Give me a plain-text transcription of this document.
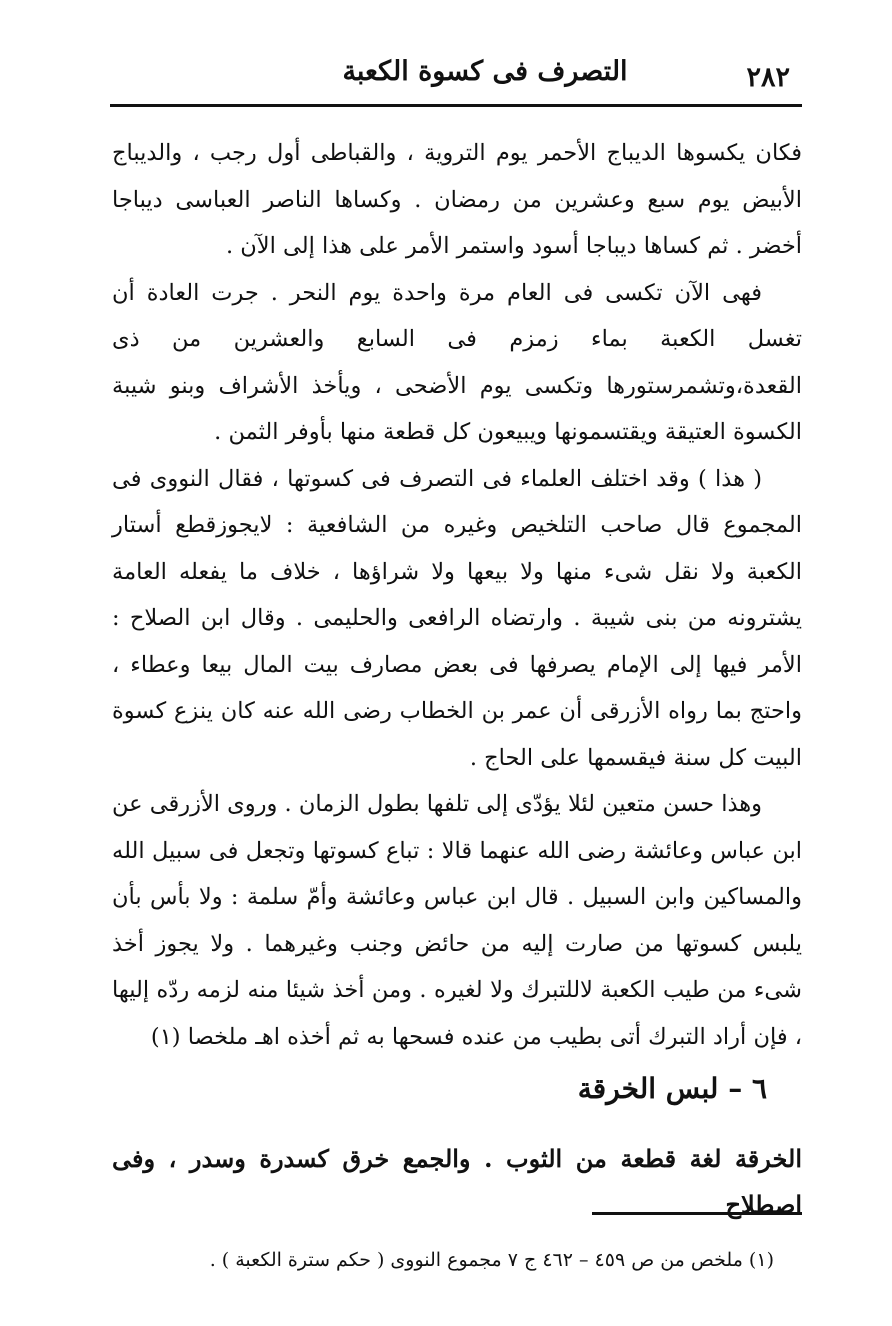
٢٨٢
التصرف فى كسوة الكعبة

فكان يكسوها الديباج الأحمر يوم التروية ، والقباطى أول رجب ، والديباج الأبيض يوم سبع وعشرين من رمضان . وكساها الناصر العباسى ديباجا أخضر . ثم كساها ديباجا أسود واستمر الأمر على هذا إلى الآن .

فهى الآن تكسى فى العام مرة واحدة يوم النحر . جرت العادة أن تغسل الكعبة بماء زمزم فى السابع والعشرين من ذى القعدة،وتشمرستورها وتكسى يوم الأضحى ، ويأخذ الأشراف وبنو شيبة الكسوة العتيقة ويقتسمونها ويبيعون كل قطعة منها بأوفر الثمن .

( هذا ) وقد اختلف العلماء فى التصرف فى كسوتها ، فقال النووى فى المجموع قال صاحب التلخيص وغيره من الشافعية : لايجوزقطع أستار الكعبة ولا نقل شىء منها ولا بيعها ولا شراؤها ، خلاف ما يفعله العامة يشترونه من بنى شيبة . وارتضاه الرافعى والحليمى . وقال ابن الصلاح : الأمر فيها إلى الإمام يصرفها فى بعض مصارف بيت المال بيعا وعطاء ، واحتج بما رواه الأزرقى أن عمر بن الخطاب رضى الله عنه كان ينزع كسوة البيت كل سنة فيقسمها على الحاج .

وهذا حسن متعين لئلا يؤدّى إلى تلفها بطول الزمان . وروى الأزرقى عن ابن عباس وعائشة رضى الله عنهما قالا : تباع كسوتها وتجعل فى سبيل الله والمساكين وابن السبيل . قال ابن عباس وعائشة وأمّ سلمة : ولا بأس بأن يلبس كسوتها من صارت إليه من حائض وجنب وغيرهما . ولا يجوز أخذ شىء من طيب الكعبة لاللتبرك ولا لغيره . ومن أخذ شيئا منه لزمه ردّه إليها ، فإن أراد التبرك أتى بطيب من عنده فسحها به ثم أخذه اهـ ملخصا (١)

٦ – لبس الخرقة
الخرقة لغة قطعة من الثوب . والجمع خرق كسدرة وسدر ، وفى اصطلاح
(١) ملخص من ص ٤٥٩ – ٤٦٢ ج ٧ مجموع النووى ( حكم سترة الكعبة ) .
